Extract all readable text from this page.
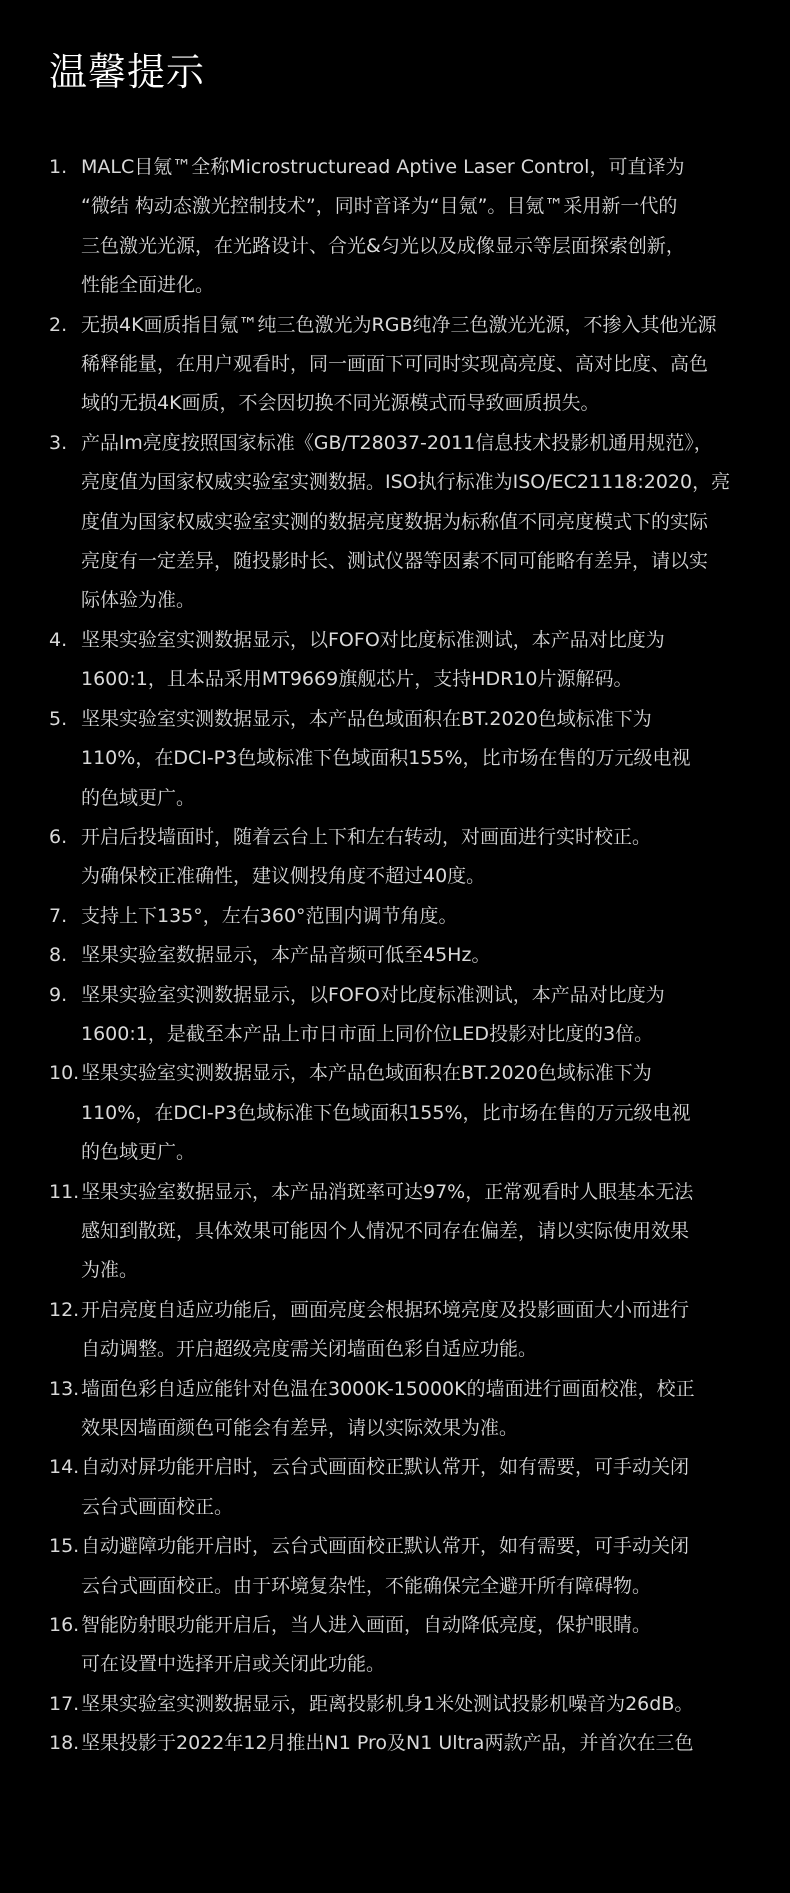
温馨提示
1. MALC目氪™全称Microstructuread Aptive Laser Control，可直译为
“微结 构动态激光控制技术”，同时音译为“目氪”。目氪™采用新一代的
三色激光光源，在光路设计、合光&匀光以及成像显示等层面探索创新，
性能全面进化。
2. 无损4K画质指目氪™纯三色激光为RGB纯净三色激光光源，不掺入其他光源
稀释能量，在用户观看时，同一画面下可同时实现高亮度、高对比度、高色
域的无损4K画质，不会因切换不同光源模式而导致画质损失。
3. 产品lm亮度按照国家标准《GB/T28037-2011信息技术投影机通用规范》，
亮度值为国家权威实验室实测数据。ISO执行标准为ISO/EC21118:2020，亮
度值为国家权威实验室实测的数据亮度数据为标称值不同亮度模式下的实际
亮度有一定差异，随投影时长、测试仪器等因素不同可能略有差异，请以实
际体验为准。
4. 坚果实验室实测数据显示，以FOFO对比度标准测试，本产品对比度为
1600:1，且本品采用MT9669旗舰芯片，支持HDR10片源解码。
5. 坚果实验室实测数据显示，本产品色域面积在BT.2020色域标准下为
110%，在DCI-P3色域标准下色域面积155%，比市场在售的万元级电视
的色域更广。
6. 开启后投墙面时，随着云台上下和左右转动，对画面进行实时校正。
为确保校正准确性，建议侧投角度不超过40度。
7. 支持上下135°，左右360°范围内调节角度。
8. 坚果实验室数据显示，本产品音频可低至45Hz。
9. 坚果实验室实测数据显示，以FOFO对比度标准测试，本产品对比度为
1600:1，是截至本产品上市日市面上同价位LED投影对比度的3倍。
10. 坚果实验室实测数据显示，本产品色域面积在BT.2020色域标准下为
110%，在DCI-P3色域标准下色域面积155%，比市场在售的万元级电视
的色域更广。
11. 坚果实验室数据显示，本产品消斑率可达97%，正常观看时人眼基本无法
感知到散斑，具体效果可能因个人情况不同存在偏差，请以实际使用效果
为准。
12. 开启亮度自适应功能后，画面亮度会根据环境亮度及投影画面大小而进行
自动调整。开启超级亮度需关闭墙面色彩自适应功能。
13. 墙面色彩自适应能针对色温在3000K-15000K的墙面进行画面校准，校正
效果因墙面颜色可能会有差异，请以实际效果为准。
14. 自动对屏功能开启时，云台式画面校正默认常开，如有需要，可手动关闭
云台式画面校正。
15. 自动避障功能开启时，云台式画面校正默认常开，如有需要，可手动关闭
云台式画面校正。由于环境复杂性，不能确保完全避开所有障碍物。
16. 智能防射眼功能开启后，当人进入画面，自动降低亮度，保护眼睛。
可在设置中选择开启或关闭此功能。
17. 坚果实验室实测数据显示，距离投影机身1米处测试投影机噪音为26dB。
18. 坚果投影于2022年12月推出N1 Pro及N1 Ultra两款产品，并首次在三色
